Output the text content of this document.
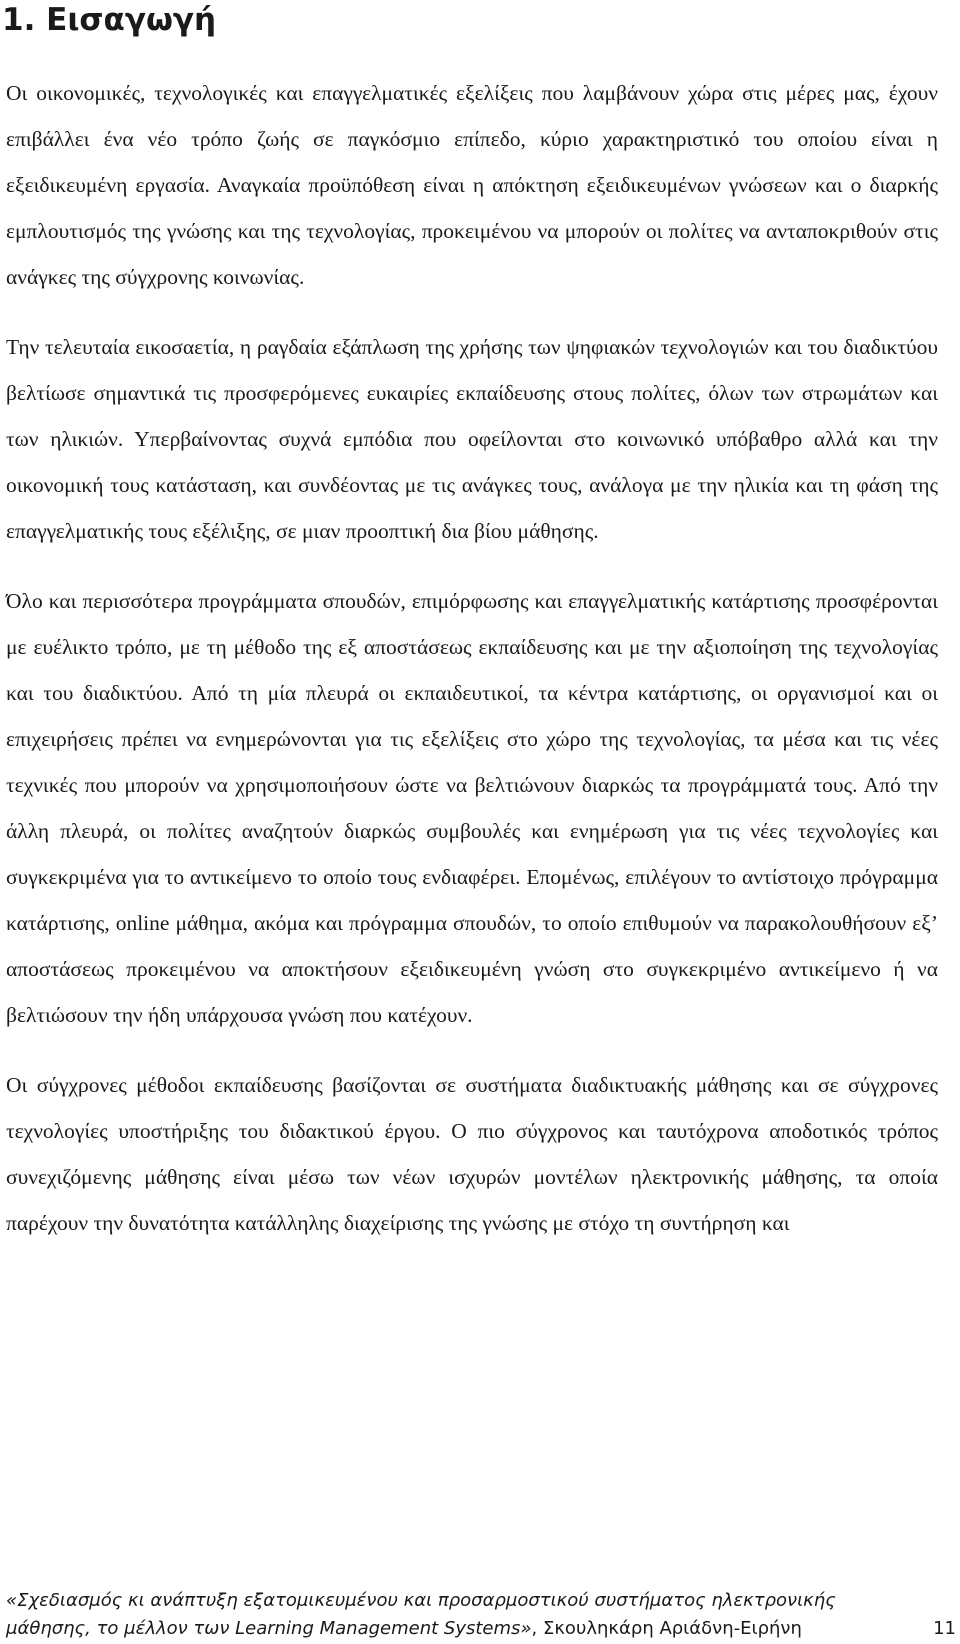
1. Εισαγωγή

Οι οικονομικές, τεχνολογικές και επαγγελματικές εξελίξεις που λαμβάνουν χώρα στις μέρες μας, έχουν επιβάλλει ένα νέο τρόπο ζωής σε παγκόσμιο επίπεδο, κύριο χαρακτηριστικό του οποίου είναι η εξειδικευμένη εργασία. Αναγκαία προϋπόθεση είναι η απόκτηση εξειδικευμένων γνώσεων και ο διαρκής εμπλουτισμός της γνώσης και της τεχνολογίας, προκειμένου να μπορούν οι πολίτες να ανταποκριθούν στις ανάγκες της σύγχρονης κοινωνίας.

Την τελευταία εικοσαετία, η ραγδαία εξάπλωση της χρήσης των ψηφιακών τεχνολογιών και του διαδικτύου βελτίωσε σημαντικά τις προσφερόμενες ευκαιρίες εκπαίδευσης στους πολίτες, όλων των στρωμάτων και των ηλικιών. Υπερβαίνοντας συχνά εμπόδια που οφείλονται στο κοινωνικό υπόβαθρο αλλά και την οικονομική τους κατάσταση, και συνδέοντας με τις ανάγκες τους, ανάλογα με την ηλικία και τη φάση της επαγγελματικής τους εξέλιξης, σε μιαν προοπτική δια βίου μάθησης.

Όλο και περισσότερα προγράμματα σπουδών, επιμόρφωσης και επαγγελματικής κατάρτισης προσφέρονται με ευέλικτο τρόπο, με τη μέθοδο της εξ αποστάσεως εκπαίδευσης και με την αξιοποίηση της τεχνολογίας και του διαδικτύου. Από τη μία πλευρά οι εκπαιδευτικοί, τα κέντρα κατάρτισης, οι οργανισμοί και οι επιχειρήσεις πρέπει να ενημερώνονται για τις εξελίξεις στο χώρο της τεχνολογίας, τα μέσα και τις νέες τεχνικές που μπορούν να χρησιμοποιήσουν ώστε να βελτιώνουν διαρκώς τα προγράμματά τους. Από την άλλη πλευρά, οι πολίτες αναζητούν διαρκώς συμβουλές και ενημέρωση για τις νέες τεχνολογίες και συγκεκριμένα για το αντικείμενο το οποίο τους ενδιαφέρει. Επομένως, επιλέγουν το αντίστοιχο πρόγραμμα κατάρτισης, online μάθημα, ακόμα και πρόγραμμα σπουδών, το οποίο επιθυμούν να παρακολουθήσουν εξ’ αποστάσεως προκειμένου να αποκτήσουν εξειδικευμένη γνώση στο συγκεκριμένο αντικείμενο ή να βελτιώσουν την ήδη υπάρχουσα γνώση που κατέχουν.

Οι σύγχρονες μέθοδοι εκπαίδευσης βασίζονται σε συστήματα διαδικτυακής μάθησης και σε σύγχρονες τεχνολογίες υποστήριξης του διδακτικού έργου. Ο πιο σύγχρονος και ταυτόχρονα αποδοτικός τρόπος συνεχιζόμενης μάθησης είναι μέσω των νέων ισχυρών μοντέλων ηλεκτρονικής μάθησης, τα οποία παρέχουν την δυνατότητα κατάλληλης διαχείρισης της γνώσης με στόχο τη συντήρηση και

«Σχεδιασμός κι ανάπτυξη εξατομικευμένου και προσαρμοστικού συστήματος ηλεκτρονικής
μάθησης, το μέλλον των Learning Management Systems», Σκουληκάρη Αριάδνη-Ειρήνη	11
